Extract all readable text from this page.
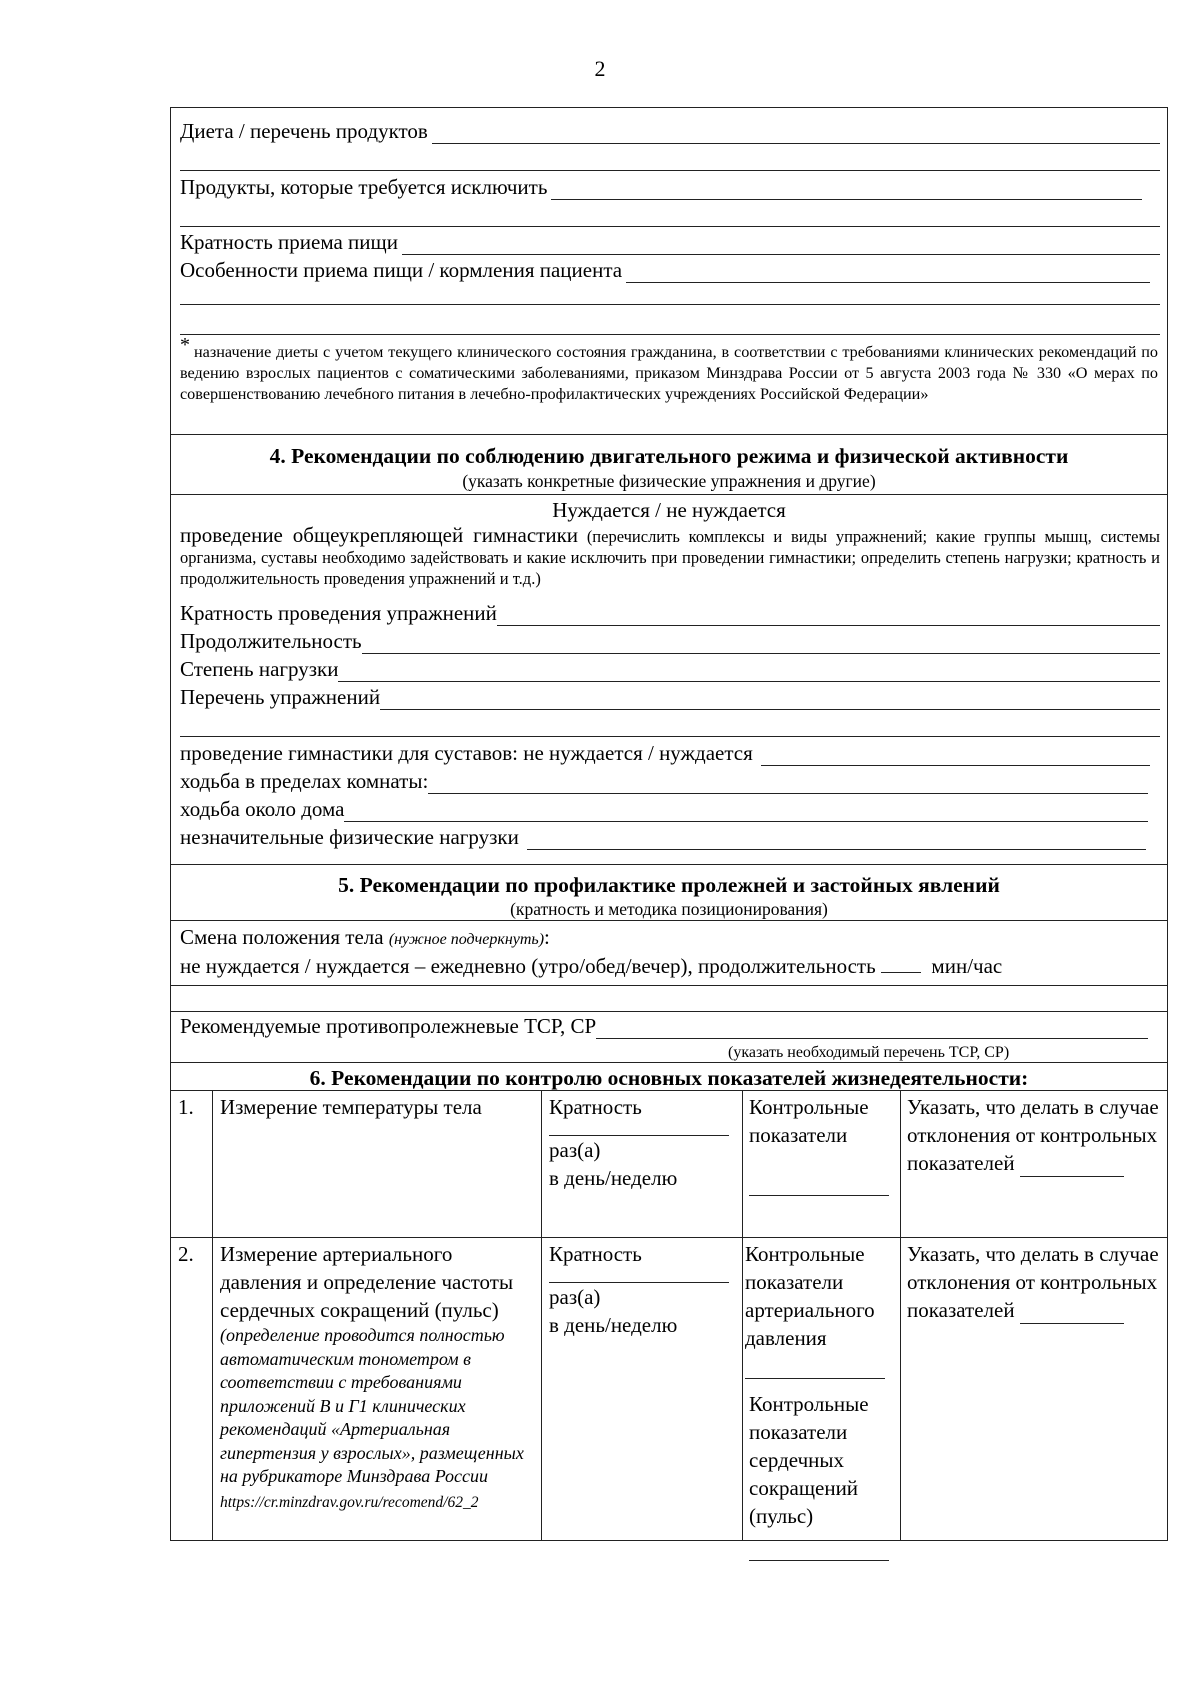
2
Диета / перечень продуктов
Продукты, которые требуется исключить
Кратность приема пищи
Особенности приема пищи / кормления пациента
* назначение диеты с учетом текущего клинического состояния гражданина, в соответствии с требованиями клинических рекомендаций по ведению взрослых пациентов с соматическими заболеваниями, приказом Минздрава России от 5 августа 2003 года № 330 «О мерах по совершенствованию лечебного питания в лечебно-профилактических учреждениях Российской Федерации»
4. Рекомендации по соблюдению двигательного режима и физической активности
(указать конкретные физические упражнения и другие)
Нуждается / не нуждается
проведение общеукрепляющей гимнастики (перечислить комплексы и виды упражнений; какие группы мышц, системы организма, суставы необходимо задействовать и какие исключить при проведении гимнастики; определить степень нагрузки; кратность и продолжительность проведения упражнений и т.д.)
Кратность проведения упражнений
Продолжительность
Степень нагрузки
Перечень упражнений
проведение гимнастики для суставов: не нуждается / нуждается
ходьба в пределах комнаты:
ходьба около дома
незначительные физические нагрузки
5. Рекомендации по профилактике пролежней и застойных явлений
(кратность и методика позиционирования)
Смена положения тела (нужное подчеркнуть):
не нуждается / нуждается – ежедневно (утро/обед/вечер), продолжительность	мин/час
Рекомендуемые противопролежневые ТСР, СР
(указать необходимый перечень ТСР, СР)
6. Рекомендации по контролю основных показателей жизнедеятельности:
1. Измерение температуры тела	Кратность
раз(а)
в день/неделю
Контрольные показатели
Указать, что делать в случае отклонения от контрольных показателей
2. Измерение артериального давления и определение частоты сердечных сокращений (пульс)
(определение проводится полностью автоматическим тонометром в соответствии с требованиями приложений В и Г1 клинических рекомендаций «Артериальная гипертензия у взрослых», размещенных на рубрикаторе Минздрава России
https://cr.minzdrav.gov.ru/recomend/62_2
Кратность
раз(а)
в день/неделю
Контрольные показатели артериального давления
Контрольные показатели сердечных сокращений (пульс)
Указать, что делать в случае отклонения от контрольных показателей
